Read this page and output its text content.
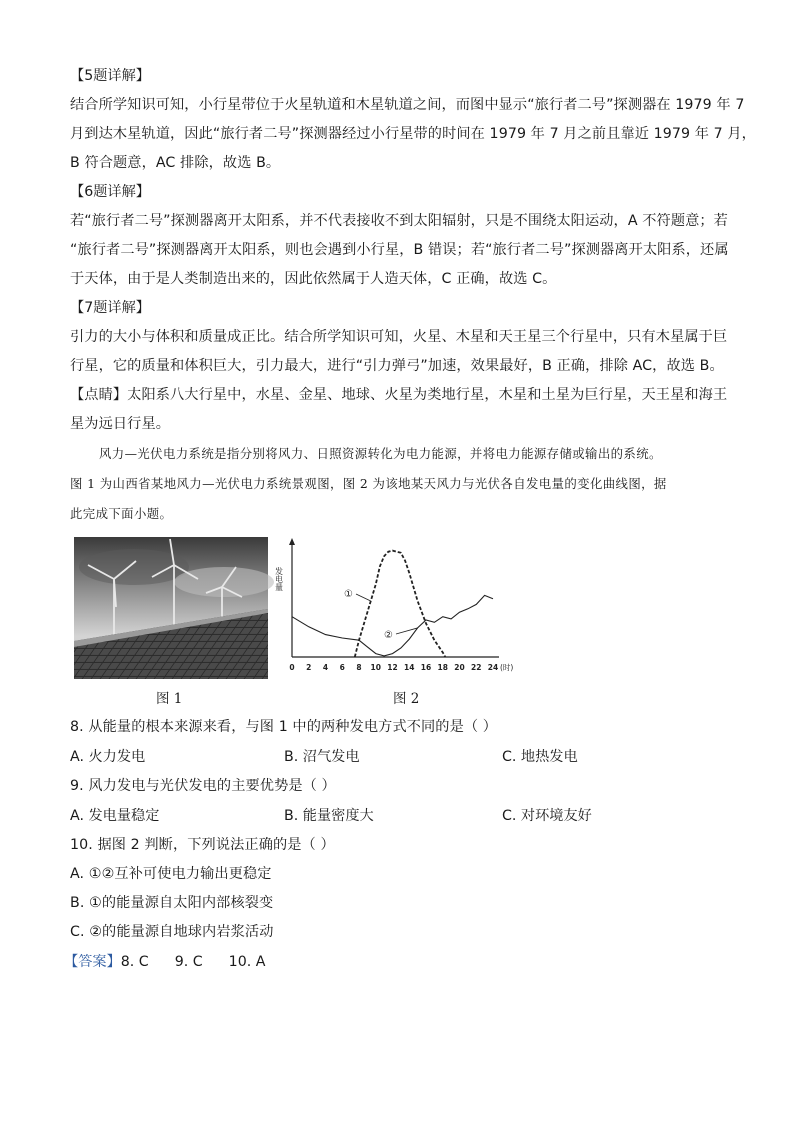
【5题详解】
结合所学知识可知，小行星带位于火星轨道和木星轨道之间，而图中显示“旅行者二号”探测器在 1979 年 7
月到达木星轨道，因此“旅行者二号”探测器经过小行星带的时间在 1979 年 7 月之前且靠近 1979 年 7 月，
B 符合题意，AC 排除，故选 B。
【6题详解】
若“旅行者二号”探测器离开太阳系，并不代表接收不到太阳辐射，只是不围绕太阳运动，A 不符题意；若
“旅行者二号”探测器离开太阳系，则也会遇到小行星，B 错误；若“旅行者二号”探测器离开太阳系，还属
于天体，由于是人类制造出来的，因此依然属于人造天体，C 正确，故选 C。
【7题详解】
引力的大小与体积和质量成正比。结合所学知识可知，火星、木星和天王星三个行星中，只有木星属于巨
行星，它的质量和体积巨大，引力最大，进行“引力弹弓”加速，效果最好，B 正确，排除 AC，故选 B。
【点睛】太阳系八大行星中，水星、金星、地球、火星为类地行星，木星和土星为巨行星，天王星和海王
星为远日行星。
风力—光伏电力系统是指分别将风力、日照资源转化为电力能源，并将电力能源存储或输出的系统。
图 1 为山西省某地风力—光伏电力系统景观图，图 2 为该地某天风力与光伏各自发电量的变化曲线图，据
此完成下面小题。
图 1
发电量
0 2 4 6 8 10 12 14 16 18 20 22 24 (时)
①
②
图 2
8. 从能量的根本来源来看，与图 1 中的两种发电方式不同的是（ ）
A. 火力发电	B. 沼气发电	C. 地热发电
9. 风力发电与光伏发电的主要优势是（ ）
A. 发电量稳定	B. 能量密度大	C. 对环境友好
10. 据图 2 判断，下列说法正确的是（ ）
A. ①②互补可使电力输出更稳定
B. ①的能量源自太阳内部核裂变
C. ②的能量源自地球内岩浆活动
【答案】8. C 9. C 10. A
